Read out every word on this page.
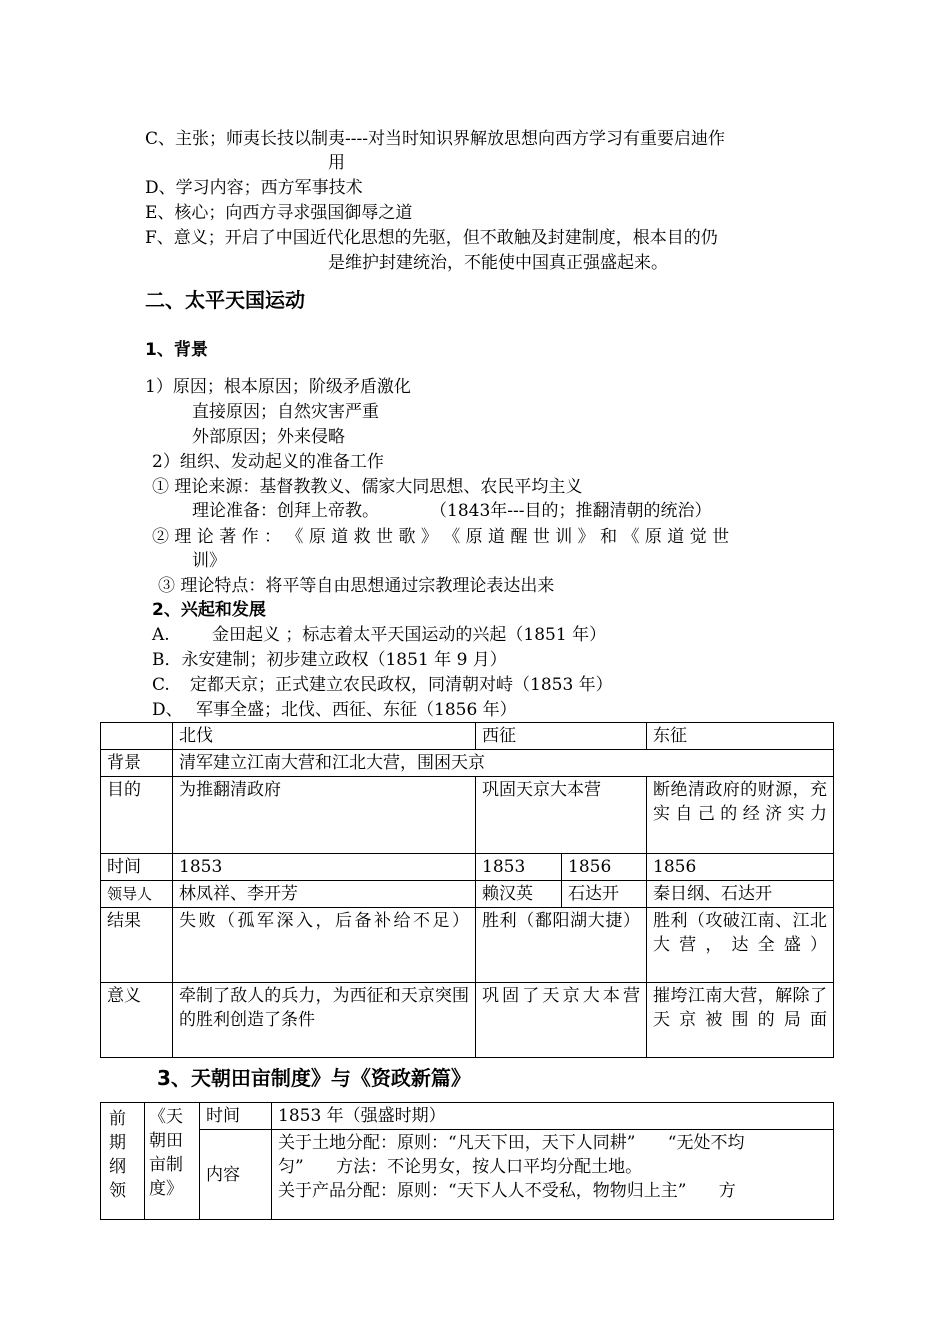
C、主张；师夷长技以制夷----对当时知识界解放思想向西方学习有重要启迪作
用
D、学习内容；西方军事技术
E、核心；向西方寻求强国御辱之道
F、意义；开启了中国近代化思想的先驱，但不敢触及封建制度，根本目的仍
是维护封建统治，不能使中国真正强盛起来。
二、太平天国运动
1、背景
1）原因；根本原因；阶级矛盾激化
直接原因；自然灾害严重
外部原因；外来侵略
2）组织、发动起义的准备工作
① 理论来源：基督教教义、儒家大同思想、农民平均主义
理论准备：创拜上帝教。	（1843年---目的；推翻清朝的统治）
② 理 论 著 作 ： 《 原 道 救 世 歌 》 《 原 道 醒 世 训 》 和 《 原 道 觉 世
训》
③ 理论特点：将平等自由思想通过宗教理论表达出来
2、兴起和发展
A. 金田起义 ；标志着太平天国运动的兴起（1851 年）
B．永安建制；初步建立政权（1851 年 9 月）
C. 定都天京；正式建立农民政权，同清朝对峙（1853 年）
D、 军事全盛；北伐、西征、东征（1856 年）
	北伐	西征		东征
背景	清军建立江南大营和江北大营，围困天京			
目的	为推翻清政府	巩固天京大本营		断绝清政府的财源，充实自己的经济实力
时间	1853	1853	1856	1856
领导人	林凤祥、李开芳	赖汉英	石达开	秦日纲、石达开
结果	失败（孤军深入，后备补给不足）	胜利（鄱阳湖大捷）		胜利（攻破江南、江北大营，达全盛）
意义	牵制了敌人的兵力，为西征和天京突围的胜利创造了条件	巩固了天京大本营		摧垮江南大营，解除了天京被围的局面
3、天朝田亩制度》与《资政新篇》
前期纲领	《天朝田亩制度》	时间	1853 年（强盛时期）
		内容	关于土地分配：原则：“凡天下田，天下人同耕”      “无处不均
匀”      方法：不论男女，按人口平均分配土地。
关于产品分配：原则：“天下人人不受私，物物归上主”      方
